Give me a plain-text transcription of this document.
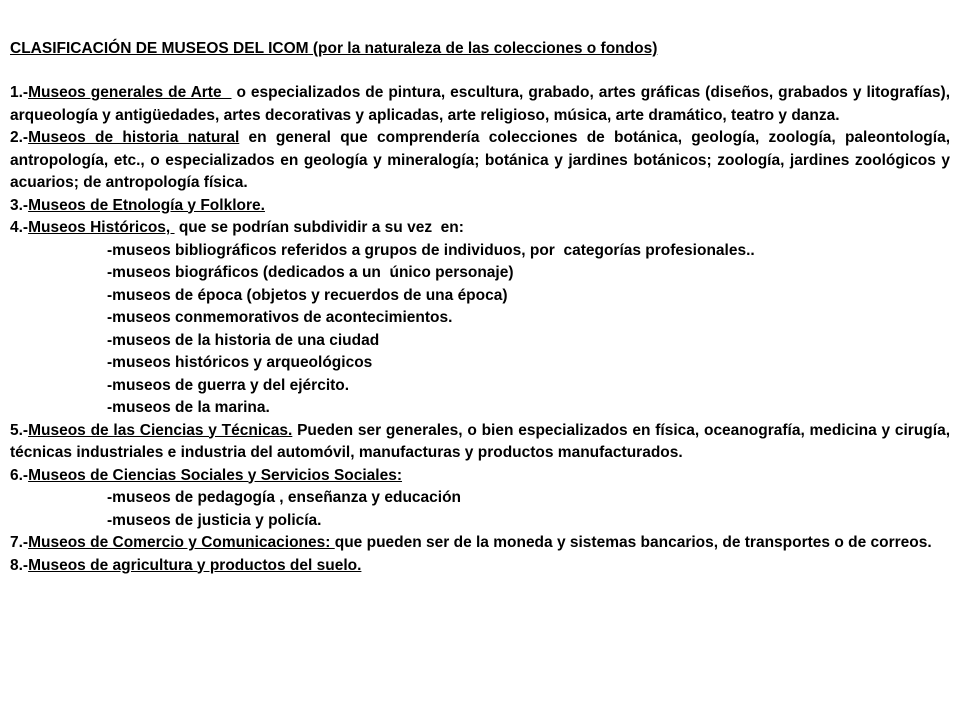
CLASIFICACIÓN DE MUSEOS DEL ICOM (por la naturaleza de las colecciones o fondos)

1.-Museos generales de Arte   o especializados de pintura, escultura, grabado, artes gráficas (diseños, grabados y litografías), arqueología y antigüedades, artes decorativas y aplicadas, arte religioso, música, arte dramático, teatro y danza.

2.-Museos de historia natural en general que comprendería colecciones de botánica, geología, zoología, paleontología, antropología, etc., o especializados en geología y mineralogía; botánica y jardines botánicos; zoología, jardines zoológicos y acuarios; de antropología física.

3.-Museos de Etnología y Folklore.

4.-Museos Históricos,  que se podrían subdividir a su vez  en:

-museos bibliográficos referidos a grupos de individuos, por  categorías profesionales..

-museos biográficos (dedicados a un  único personaje)

-museos de época (objetos y recuerdos de una época)

-museos conmemorativos de acontecimientos.

-museos de la historia de una ciudad

-museos históricos y arqueológicos

-museos de guerra y del ejército.

-museos de la marina.

5.-Museos de las Ciencias y Técnicas. Pueden ser generales, o bien especializados en física, oceanografía, medicina y cirugía, técnicas industriales e industria del automóvil, manufacturas y productos manufacturados.

6.-Museos de Ciencias Sociales y Servicios Sociales:

-museos de pedagogía , enseñanza y educación

-museos de justicia y policía.

7.-Museos de Comercio y Comunicaciones: que pueden ser de la moneda y sistemas bancarios, de transportes o de correos.

8.-Museos de agricultura y productos del suelo.
